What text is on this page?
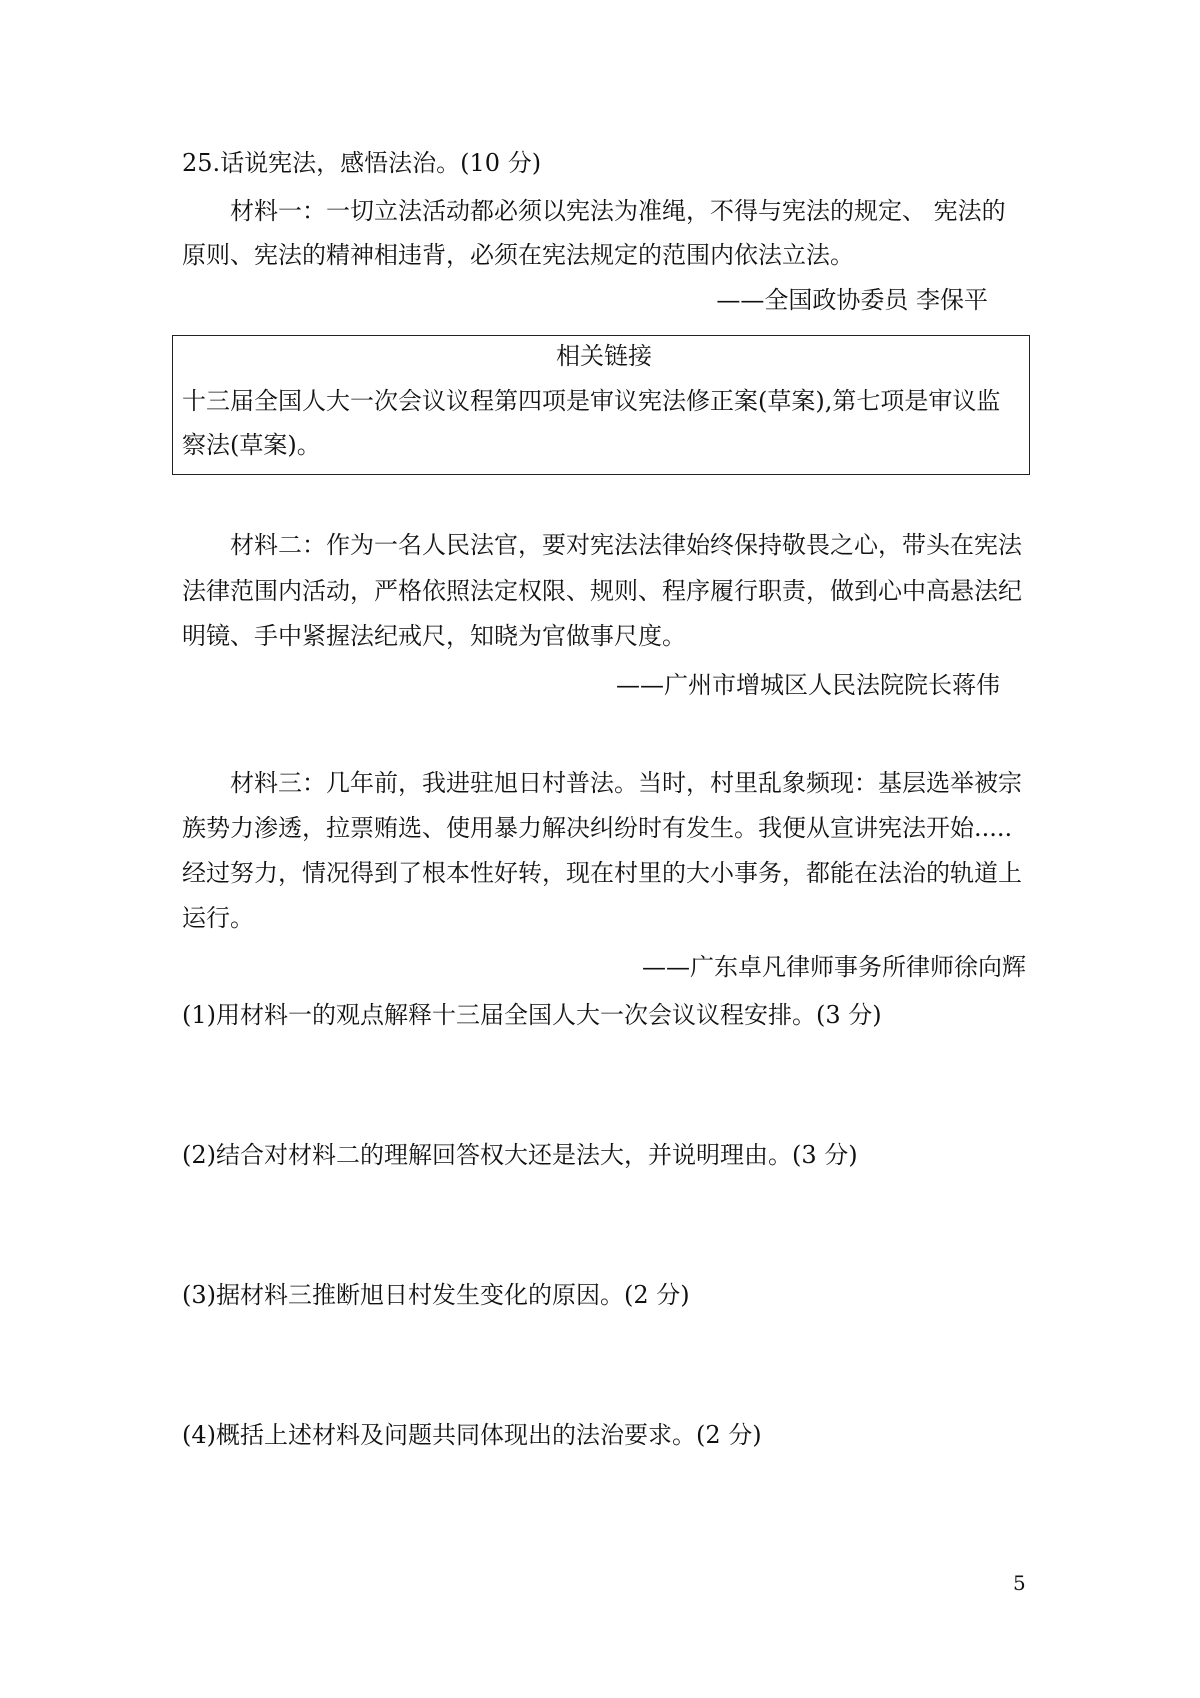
25.话说宪法，感悟法治。(10 分)
材料一：一切立法活动都必须以宪法为准绳，不得与宪法的规定、 宪法的
原则、宪法的精神相违背，必须在宪法规定的范围内依法立法。
——全国政协委员 李保平
相关链接
十三届全国人大一次会议议程第四项是审议宪法修正案(草案),第七项是审议监
察法(草案)。
材料二：作为一名人民法官，要对宪法法律始终保持敬畏之心，带头在宪法
法律范围内活动，严格依照法定权限、规则、程序履行职责，做到心中高悬法纪
明镜、手中紧握法纪戒尺，知晓为官做事尺度。
——广州市增城区人民法院院长蒋伟
材料三：几年前，我进驻旭日村普法。当时，村里乱象频现：基层选举被宗
族势力渗透，拉票贿选、使用暴力解决纠纷时有发生。我便从宣讲宪法开始.....
经过努力，情况得到了根本性好转，现在村里的大小事务，都能在法治的轨道上
运行。
——广东卓凡律师事务所律师徐向辉
(1)用材料一的观点解释十三届全国人大一次会议议程安排。(3 分)
(2)结合对材料二的理解回答权大还是法大，并说明理由。(3 分)
(3)据材料三推断旭日村发生变化的原因。(2 分)
(4)概括上述材料及问题共同体现出的法治要求。(2 分)
5
